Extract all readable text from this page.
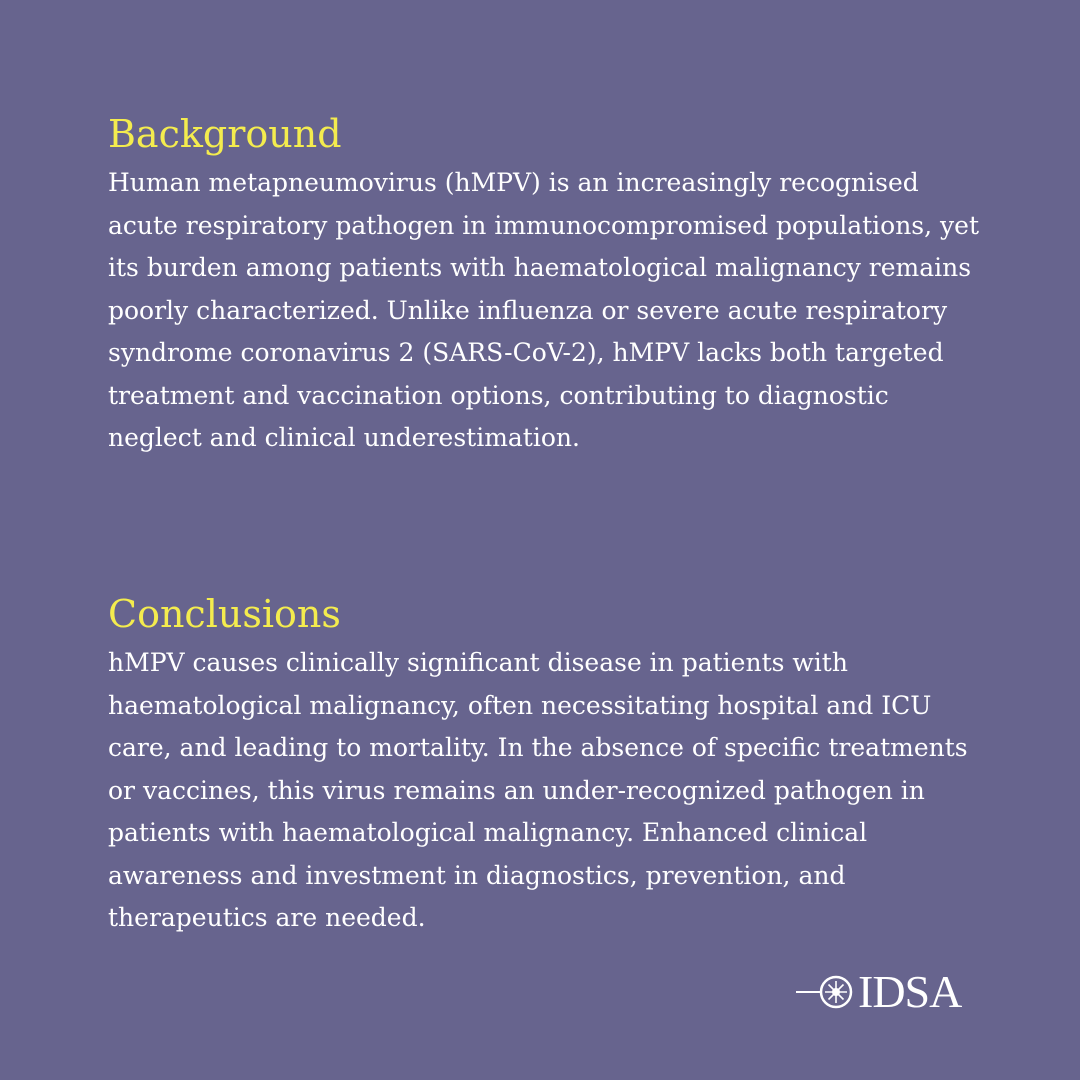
Background

Human metapneumovirus (hMPV) is an increasingly recognised acute respiratory pathogen in immunocompromised populations, yet its burden among patients with haematological malignancy remains poorly characterized. Unlike influenza or severe acute respiratory syndrome coronavirus 2 (SARS-CoV-2), hMPV lacks both targeted treatment and vaccination options, contributing to diagnostic neglect and clinical underestimation.

Conclusions

hMPV causes clinically significant disease in patients with haematological malignancy, often necessitating hospital and ICU care, and leading to mortality. In the absence of specific treatments or vaccines, this virus remains an under-recognized pathogen in patients with haematological malignancy. Enhanced clinical awareness and investment in diagnostics, prevention, and therapeutics are needed.

IDSA
